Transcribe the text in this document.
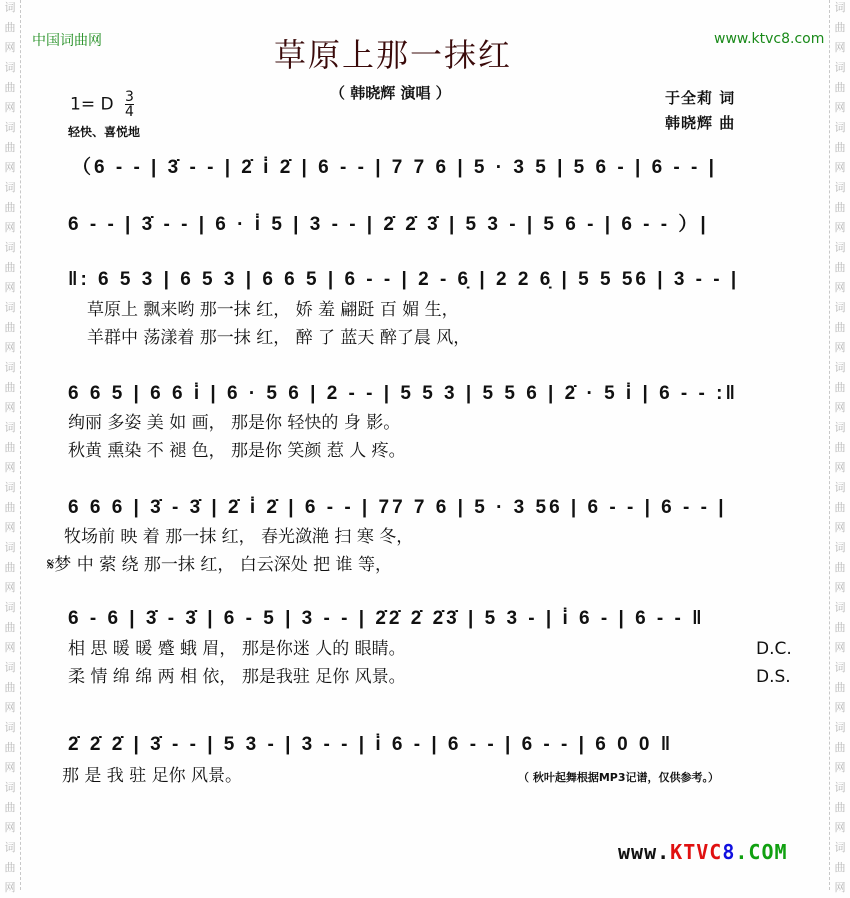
词
曲
网
词
曲
网
词
曲
网
词
曲
网
词
曲
网
词
曲
网
词
曲
网
词
曲
网
词
曲
网
词
曲
网
词
曲
网
词
曲
网
词
曲
网
词
曲
网
词
曲
网
词
曲
网
词
曲
网
词
曲
网
词
曲
网
词
曲
网
词
曲
网
词
曲
网
词
曲
网
词
曲
网
词
曲
网
词
曲
网
词
曲
网
词
曲
网
词
曲
网
词
曲
网
中国词曲网	www.ktvc8.com
草原上那一抹红
（ 韩晓辉 演唱 ）
1= D $\frac{3}{4}$
轻快、喜悦地
于全莉 词
韩晓辉 曲
（6 - - | 3̇ - - | 2̇ i̇ 2̇ | 6 - - | 7 7 6 | 5 · 3 5 | 5 6 - | 6 - - |
6 - - | 3̇ - - | 6 · i̇ 5 | 3 - - | 2̇ 2̇ 3̇ | 5 3 - | 5 6 - | 6 - - ）|
‖: 6 5 3 | 6 5 3 | 6 6 5 | 6 - - | 2 - 6̣ | 2 2 6̣ | 5 5 56 | 3 - - |
草原上 飘来哟 那一抹 红， 娇 羞 翩跹 百 媚 生，
羊群中 荡漾着 那一抹 红， 醉 了 蓝天 醉了晨 风，
6 6 5 | 6 6 i̇ | 6 · 5 6 | 2 - - | 5 5 3 | 5 5 6 | 2̇ · 5 i̇ | 6 - - :‖
绚丽 多姿 美 如 画， 那是你 轻快的 身 影。
秋黄 熏染 不 褪 色， 那是你 笑颜 惹 人 疼。
6 6 6 | 3̇ - 3̇ | 2̇ i̇ 2̇ | 6 - - | 77 7 6 | 5 · 3 56 | 6 - - | 6 - - |
牧场前 映 着 那一抹 红， 春光潋滟 扫 寒 冬，
𝄋梦 中 萦 绕 那一抹 红， 白云深处 把 谁 等，
6 - 6 | 3̇ - 3̇ | 6 - 5 | 3 - - | 2̇2̇ 2̇ 2̇3̇ | 5 3 - | i̇ 6 - | 6 - - ‖
相 思 暖 暖 蹙 蛾 眉， 那是你迷 人的 眼睛。
柔 情 绵 绵 两 相 依， 那是我驻 足你 风景。
D.C.
D.S.
2̇ 2̇ 2̇ | 3̇ - - | 5 3 - | 3 - - | i̇ 6 - | 6 - - | 6 - - | 6 0 0 ‖
那 是 我 驻 足你 风景。	（ 秋叶起舞根据MP3记谱，仅供参考。）
www.KTVC8.COM
